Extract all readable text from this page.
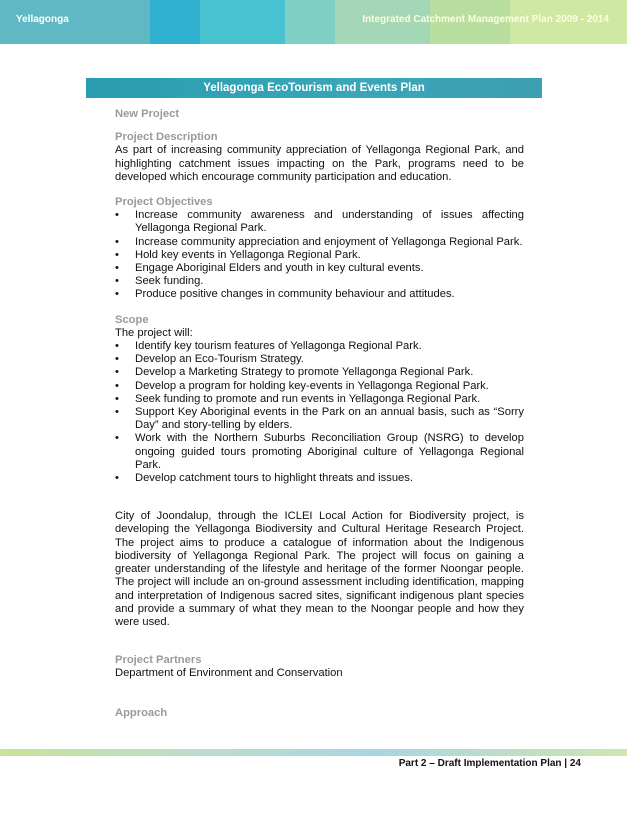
Yellagonga	Integrated Catchment Management Plan 2009 - 2014
Yellagonga EcoTourism and Events Plan

New Project

Project Description

As part of increasing community appreciation of Yellagonga Regional Park, and highlighting catchment issues impacting on the Park, programs need to be developed which encourage community participation and education.

Project Objectives

• Increase community awareness and understanding of issues affecting Yellagonga Regional Park.
• Increase community appreciation and enjoyment of Yellagonga Regional Park.
• Hold key events in Yellagonga Regional Park.
• Engage Aboriginal Elders and youth in key cultural events.
• Seek funding.
• Produce positive changes in community behaviour and attitudes.

Scope

The project will:

• Identify key tourism features of Yellagonga Regional Park.
• Develop an Eco-Tourism Strategy.
• Develop a Marketing Strategy to promote Yellagonga Regional Park.
• Develop a program for holding key-events in Yellagonga Regional Park.
• Seek funding to promote and run events in Yellagonga Regional Park.
• Support Key Aboriginal events in the Park on an annual basis, such as “Sorry Day” and story-telling by elders.
• Work with the Northern Suburbs Reconciliation Group (NSRG) to develop ongoing guided tours promoting Aboriginal culture of Yellagonga Regional Park.
• Develop catchment tours to highlight threats and issues.

City of Joondalup, through the ICLEI Local Action for Biodiversity project, is developing the Yellagonga Biodiversity and Cultural Heritage Research Project. The project aims to produce a catalogue of information about the Indigenous biodiversity of Yellagonga Regional Park. The project will focus on gaining a greater understanding of the lifestyle and heritage of the former Noongar people. The project will include an on-ground assessment including identification, mapping and interpretation of Indigenous sacred sites, significant indigenous plant species and provide a summary of what they mean to the Noongar people and how they were used.

Project Partners

Department of Environment and Conservation

Approach

Part 2 – Draft Implementation Plan | 24
